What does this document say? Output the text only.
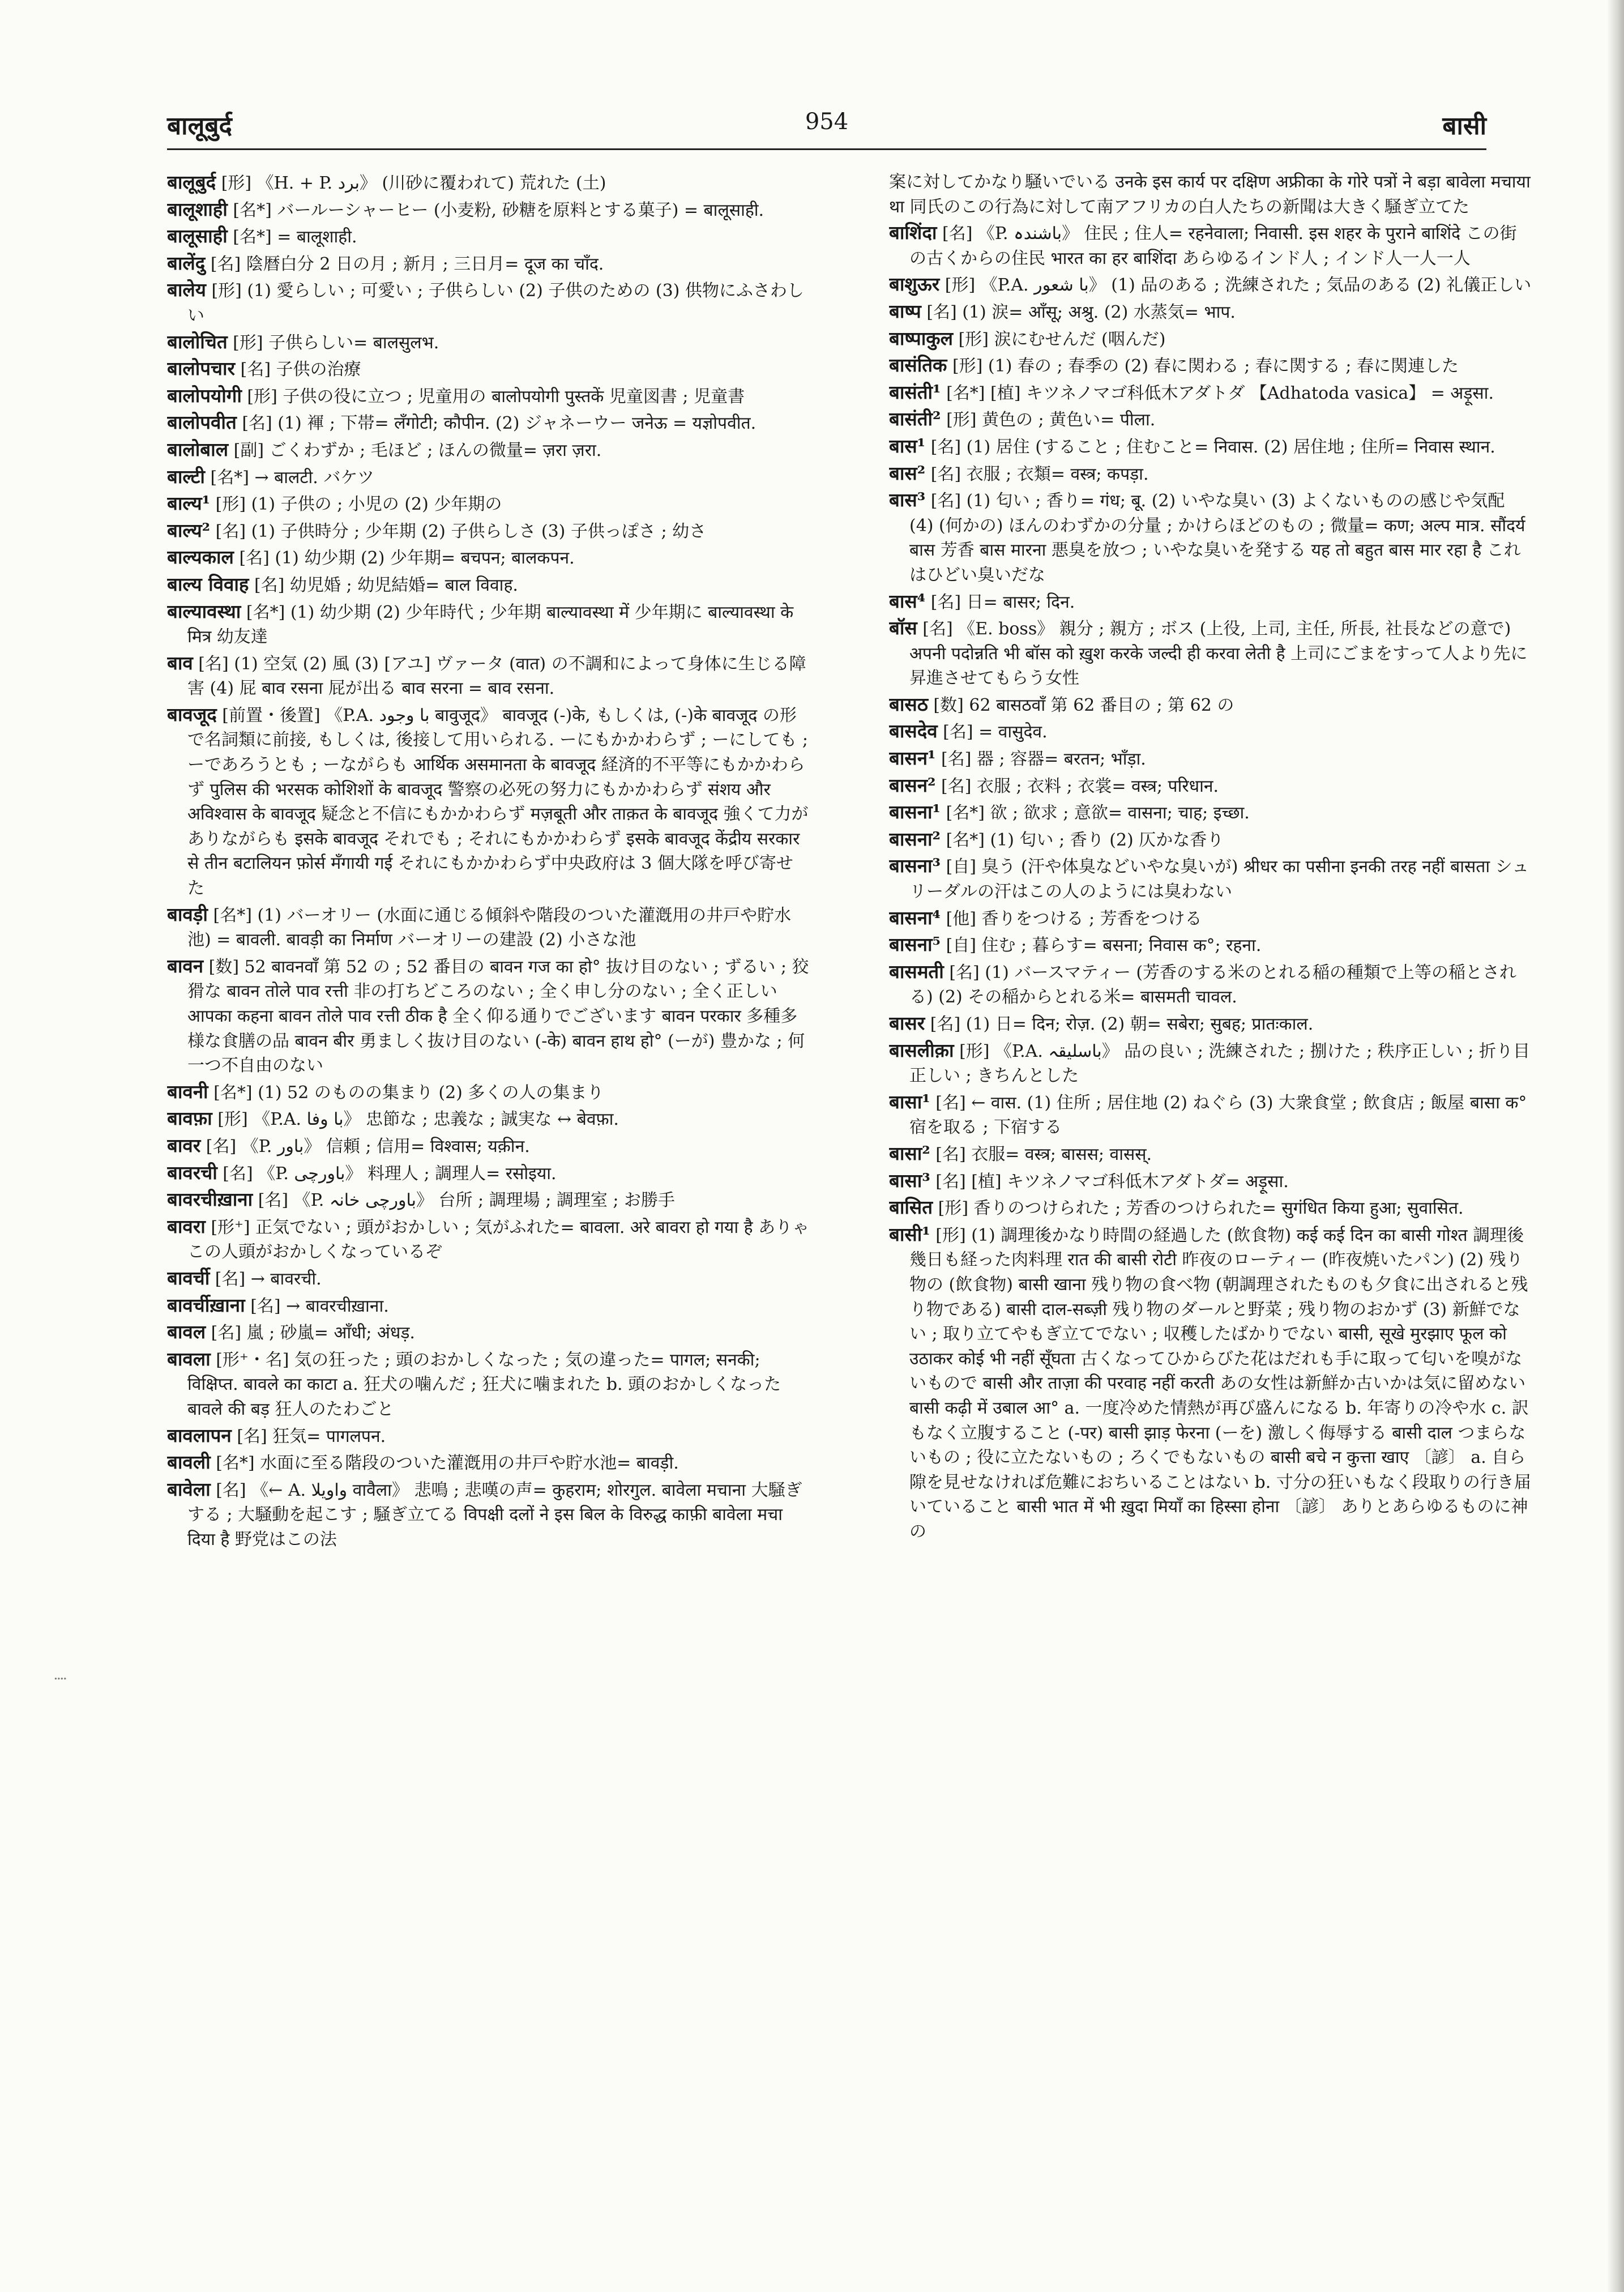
बालूबुर्द	954	बासी
⁞
बालूबुर्द [形] 《H. + P. برد》 (川砂に覆われて) 荒れた (土)
बालूशाही [名*] バールーシャーヒー (小麦粉, 砂糖を原料とする菓子) = बालूसाही.
बालूसाही [名*] = बालूशाही.
बालेंदु [名] 陰暦白分 2 日の月 ; 新月 ; 三日月= दूज का चाँद.
बालेय [形] (1) 愛らしい ; 可愛い ; 子供らしい (2) 子供のための (3) 供物にふさわしい
बालोचित [形] 子供らしい= बालसुलभ.
बालोपचार [名] 子供の治療
बालोपयोगी [形] 子供の役に立つ ; 児童用の बालोपयोगी पुस्तकें 児童図書 ; 児童書
बालोपवीत [名] (1) 褌 ; 下帯= लँगोटी; कौपीन. (2) ジャネーウー जनेऊ = यज्ञोपवीत.
बालोबाल [副] ごくわずか ; 毛ほど ; ほんの微量= ज़रा ज़रा.
बाल्टी [名*] → बालटी. バケツ
बाल्य¹ [形] (1) 子供の ; 小児の (2) 少年期の
बाल्य² [名] (1) 子供時分 ; 少年期 (2) 子供らしさ (3) 子供っぽさ ; 幼さ
बाल्यकाल [名] (1) 幼少期 (2) 少年期= बचपन; बालकपन.
बाल्य विवाह [名] 幼児婚 ; 幼児結婚= बाल विवाह.
बाल्यावस्था [名*] (1) 幼少期 (2) 少年時代 ; 少年期 बाल्यावस्था में 少年期に बाल्यावस्था के मित्र 幼友達
बाव [名] (1) 空気 (2) 風 (3) [アユ] ヴァータ (वात) の不調和によって身体に生じる障害 (4) 屁 बाव रसना 屁が出る बाव सरना = बाव रसना.
बावजूद [前置・後置] 《P.A. با وجود बावुजूद》 बावजूद (-)के, もしくは, (-)के बावजूद の形で名詞類に前接, もしくは, 後接して用いられる. ーにもかかわらず ; ーにしても ; ーであろうとも ; ーながらも आर्थिक असमानता के बावजूद 経済的不平等にもかかわらず पुलिस की भरसक कोशिशों के बावजूद 警察の必死の努力にもかかわらず संशय और अविश्वास के बावजूद 疑念と不信にもかかわらず मज़बूती और ताक़त के बावजूद 強くて力がありながらも इसके बावजूद それでも ; それにもかかわらず इसके बावजूद केंद्रीय सरकार से तीन बटालियन फ़ोर्स मँगायी गई それにもかかわらず中央政府は 3 個大隊を呼び寄せた
बावड़ी [名*] (1) バーオリー (水面に通じる傾斜や階段のついた灌漑用の井戸や貯水池) = बावली. बावड़ी का निर्माण バーオリーの建設 (2) 小さな池
बावन [数] 52 बावनवाँ 第 52 の ; 52 番目の बावन गज का हो° 抜け目のない ; ずるい ; 狡猾な बावन तोले पाव रत्ती 非の打ちどころのない ; 全く申し分のない ; 全く正しい आपका कहना बावन तोले पाव रत्ती ठीक है 全く仰る通りでございます बावन परकार 多種多様な食膳の品 बावन बीर 勇ましく抜け目のない (-के) बावन हाथ हो° (ーが) 豊かな ; 何一つ不自由のない
बावनी [名*] (1) 52 のものの集まり (2) 多くの人の集まり
बावफ़ा [形] 《P.A. با وفا》 忠節な ; 忠義な ; 誠実な ↔ बेवफ़ा.
बावर [名] 《P. باور》 信頼 ; 信用= विश्वास; यक़ीन.
बावरची [名] 《P. باورچی》 料理人 ; 調理人= रसोइया.
बावरचीख़ाना [名] 《P. باورچی خانہ》 台所 ; 調理場 ; 調理室 ; お勝手
बावरा [形⁺] 正気でない ; 頭がおかしい ; 気がふれた= बावला. अरे बावरा हो गया है ありゃこの人頭がおかしくなっているぞ
बावर्ची [名] → बावरची.
बावर्चीख़ाना [名] → बावरचीख़ाना.
बावल [名] 嵐 ; 砂嵐= आँधी; अंधड़.
बावला [形⁺・名] 気の狂った ; 頭のおかしくなった ; 気の違った= पागल; सनकी; विक्षिप्त. बावले का काटा a. 狂犬の噛んだ ; 狂犬に噛まれた b. 頭のおかしくなった बावले की बड़ 狂人のたわごと
बावलापन [名] 狂気= पागलपन.
बावली [名*] 水面に至る階段のついた灌漑用の井戸や貯水池= बावड़ी.
बावेला [名] 《← A. واویلا वावैला》 悲鳴 ; 悲嘆の声= कुहराम; शोरगुल. बावेला मचाना 大騒ぎする ; 大騒動を起こす ; 騒ぎ立てる विपक्षी दलों ने इस बिल के विरुद्ध काफ़ी बावेला मचा दिया है 野党はこの法
案に対してかなり騒いでいる उनके इस कार्य पर दक्षिण अफ्रीका के गोरे पत्रों ने बड़ा बावेला मचाया था 同氏のこの行為に対して南アフリカの白人たちの新聞は大きく騒ぎ立てた
बाशिंदा [名] 《P. باشندہ》 住民 ; 住人= रहनेवाला; निवासी. इस शहर के पुराने बाशिंदे この街の古くからの住民 भारत का हर बाशिंदा あらゆるインド人 ; インド人一人一人
बाशुऊर [形] 《P.A. با شعور》 (1) 品のある ; 洗練された ; 気品のある (2) 礼儀正しい
बाष्प [名] (1) 涙= आँसू; अश्रु. (2) 水蒸気= भाप.
बाष्पाकुल [形] 涙にむせんだ (咽んだ)
बासंतिक [形] (1) 春の ; 春季の (2) 春に関わる ; 春に関する ; 春に関連した
बासंती¹ [名*] [植] キツネノマゴ科低木アダトダ 【Adhatoda vasica】 = अड़ूसा.
बासंती² [形] 黄色の ; 黄色い= पीला.
बास¹ [名] (1) 居住 (すること ; 住むこと= निवास. (2) 居住地 ; 住所= निवास स्थान.
बास² [名] 衣服 ; 衣類= वस्त्र; कपड़ा.
बास³ [名] (1) 匂い ; 香り= गंध; बू. (2) いやな臭い (3) よくないものの感じや気配 (4) (何かの) ほんのわずかの分量 ; かけらほどのもの ; 微量= कण; अल्प मात्र. सौंदर्य बास 芳香 बास मारना 悪臭を放つ ; いやな臭いを発する यह तो बहुत बास मार रहा है これはひどい臭いだな
बास⁴ [名] 日= बासर; दिन.
बॉस [名] 《E. boss》 親分 ; 親方 ; ボス (上役, 上司, 主任, 所長, 社長などの意で) अपनी पदोन्नति भी बॉस को ख़ुश करके जल्दी ही करवा लेती है 上司にごまをすって人より先に昇進させてもらう女性
बासठ [数] 62 बासठवाँ 第 62 番目の ; 第 62 の
बासदेव [名] = वासुदेव.
बासन¹ [名] 器 ; 容器= बरतन; भाँड़ा.
बासन² [名] 衣服 ; 衣料 ; 衣裳= वस्त्र; परिधान.
बासना¹ [名*] 欲 ; 欲求 ; 意欲= वासना; चाह; इच्छा.
बासना² [名*] (1) 匂い ; 香り (2) 仄かな香り
बासना³ [自] 臭う (汗や体臭などいやな臭いが) श्रीधर का पसीना इनकी तरह नहीं बासता シュリーダルの汗はこの人のようには臭わない
बासना⁴ [他] 香りをつける ; 芳香をつける
बासना⁵ [自] 住む ; 暮らす= बसना; निवास क°; रहना.
बासमती [名] (1) バースマティー (芳香のする米のとれる稲の種類で上等の稲とされる) (2) その稲からとれる米= बासमती चावल.
बासर [名] (1) 日= दिन; रोज़. (2) 朝= सबेरा; सुबह; प्रातःकाल.
बासलीक़ा [形] 《P.A. باسلیقہ》 品の良い ; 洗練された ; 捌けた ; 秩序正しい ; 折り目正しい ; きちんとした
बासा¹ [名] ← वास. (1) 住所 ; 居住地 (2) ねぐら (3) 大衆食堂 ; 飲食店 ; 飯屋 बासा क° 宿を取る ; 下宿する
बासा² [名] 衣服= वस्त्र; बासस; वासस्.
बासा³ [名] [植] キツネノマゴ科低木アダトダ= अड़ूसा.
बासित [形] 香りのつけられた ; 芳香のつけられた= सुगंधित किया हुआ; सुवासित.
बासी¹ [形] (1) 調理後かなり時間の経過した (飲食物) कई कई दिन का बासी गोश्त 調理後幾日も経った肉料理 रात की बासी रोटी 昨夜のローティー (昨夜焼いたパン) (2) 残り物の (飲食物) बासी खाना 残り物の食べ物 (朝調理されたものも夕食に出されると残り物である) बासी दाल-सब्ज़ी 残り物のダールと野菜 ; 残り物のおかず (3) 新鮮でない ; 取り立てやもぎ立てでない ; 収穫したばかりでない बासी, सूखे मुरझाए फूल को उठाकर कोई भी नहीं सूँघता 古くなってひからびた花はだれも手に取って匂いを嗅がないもので बासी और ताज़ा की परवाह नहीं करती あの女性は新鮮か古いかは気に留めない बासी कढ़ी में उबाल आ° a. 一度冷めた情熱が再び盛んになる b. 年寄りの冷や水 c. 訳もなく立腹すること (-पर) बासी झाड़ फेरना (ーを) 激しく侮辱する बासी दाल つまらないもの ; 役に立たないもの ; ろくでもないもの बासी बचे न कुत्ता खाए 〔諺〕 a. 自ら隙を見せなければ危難におちいることはない b. 寸分の狂いもなく段取りの行き届いていること बासी भात में भी ख़ुदा मियाँ का हिस्सा होना 〔諺〕 ありとあらゆるものに神の
